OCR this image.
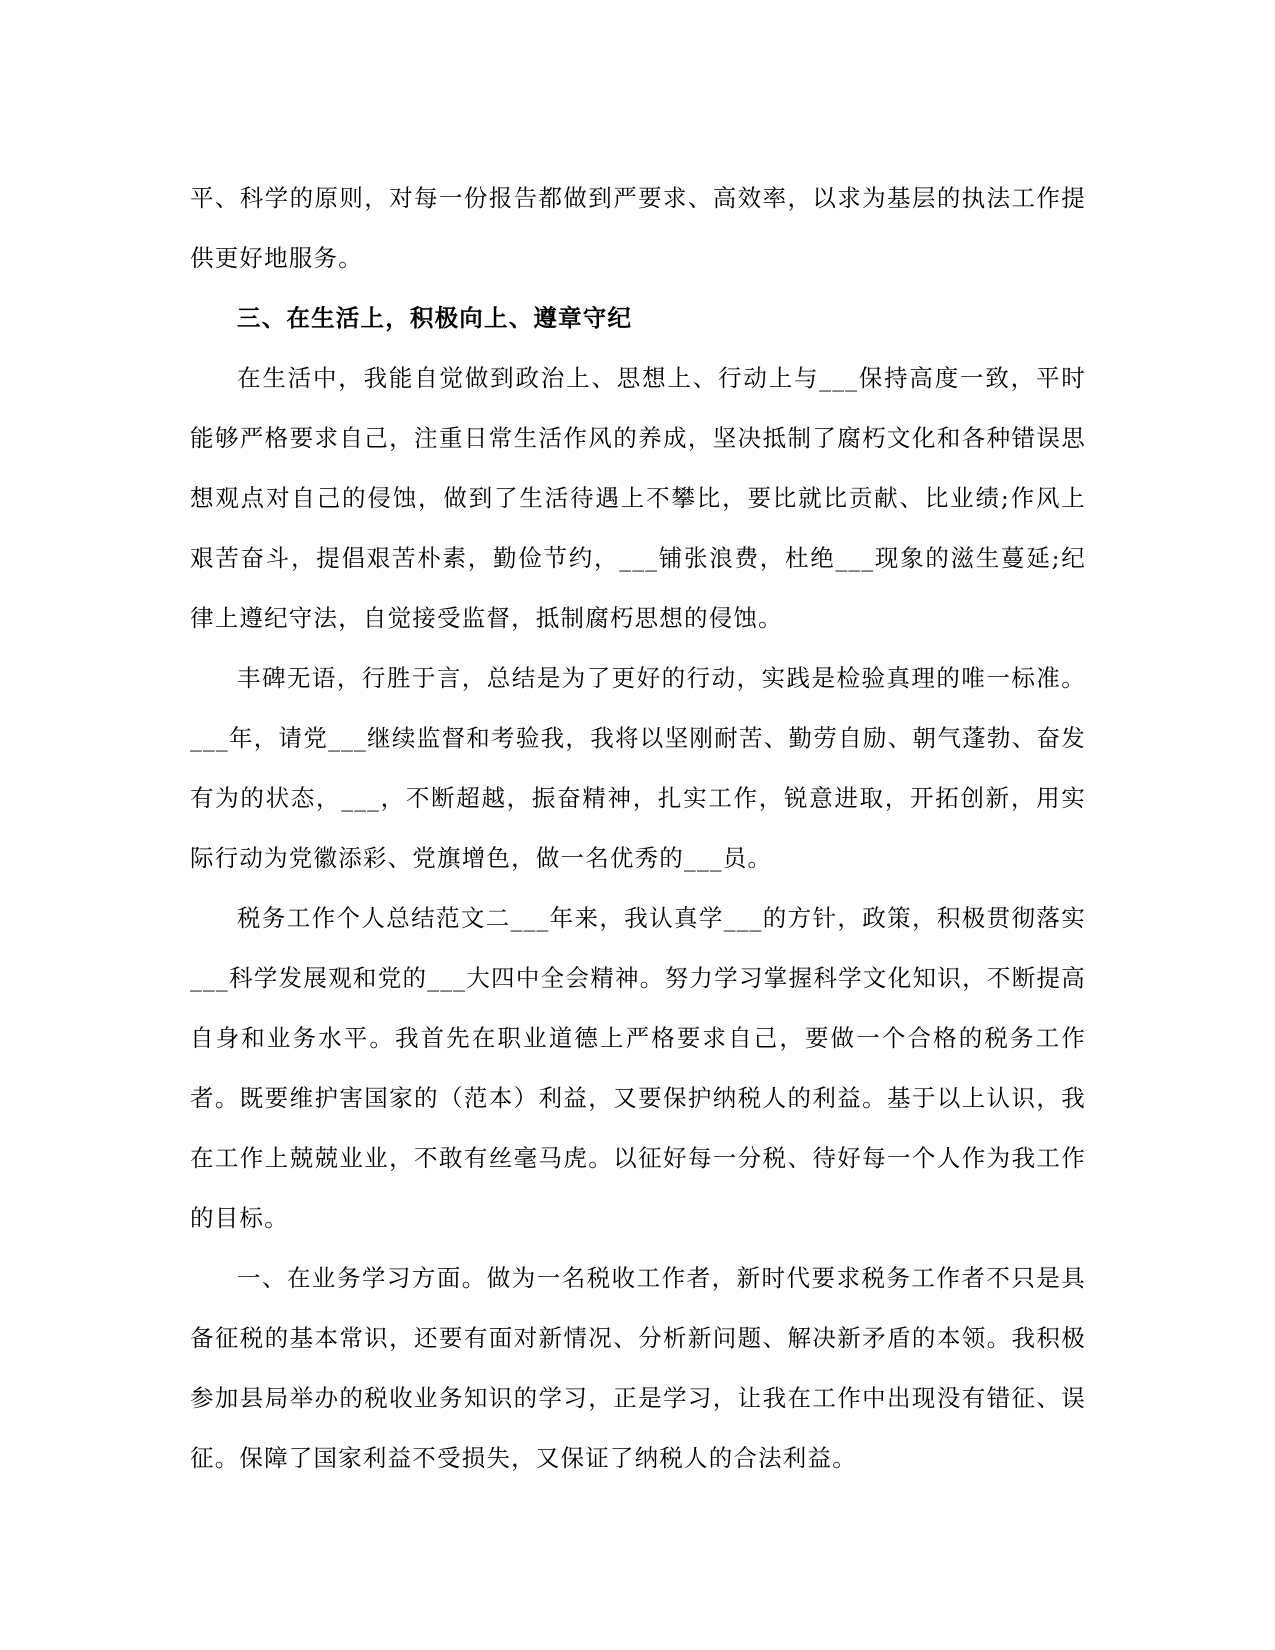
平、科学的原则，对每一份报告都做到严要求、高效率，以求为基层的执法工作提供更好地服务。

三、在生活上，积极向上、遵章守纪

在生活中，我能自觉做到政治上、思想上、行动上与___保持高度一致，平时能够严格要求自己，注重日常生活作风的养成，坚决抵制了腐朽文化和各种错误思想观点对自己的侵蚀，做到了生活待遇上不攀比，要比就比贡献、比业绩;作风上艰苦奋斗，提倡艰苦朴素，勤俭节约，___铺张浪费，杜绝___现象的滋生蔓延;纪律上遵纪守法，自觉接受监督，抵制腐朽思想的侵蚀。

丰碑无语，行胜于言，总结是为了更好的行动，实践是检验真理的唯一标准。___年，请党___继续监督和考验我，我将以坚刚耐苦、勤劳自励、朝气蓬勃、奋发有为的状态，___，不断超越，振奋精神，扎实工作，锐意进取，开拓创新，用实际行动为党徽添彩、党旗增色，做一名优秀的___员。

税务工作个人总结范文二___年来，我认真学___的方针，政策，积极贯彻落实___科学发展观和党的___大四中全会精神。努力学习掌握科学文化知识，不断提高自身和业务水平。我首先在职业道德上严格要求自己，要做一个合格的税务工作者。既要维护害国家的（范本）利益，又要保护纳税人的利益。基于以上认识，我在工作上兢兢业业，不敢有丝毫马虎。以征好每一分税、待好每一个人作为我工作的目标。

一、在业务学习方面。做为一名税收工作者，新时代要求税务工作者不只是具备征税的基本常识，还要有面对新情况、分析新问题、解决新矛盾的本领。我积极参加县局举办的税收业务知识的学习，正是学习，让我在工作中出现没有错征、误征。保障了国家利益不受损失，又保证了纳税人的合法利益。
